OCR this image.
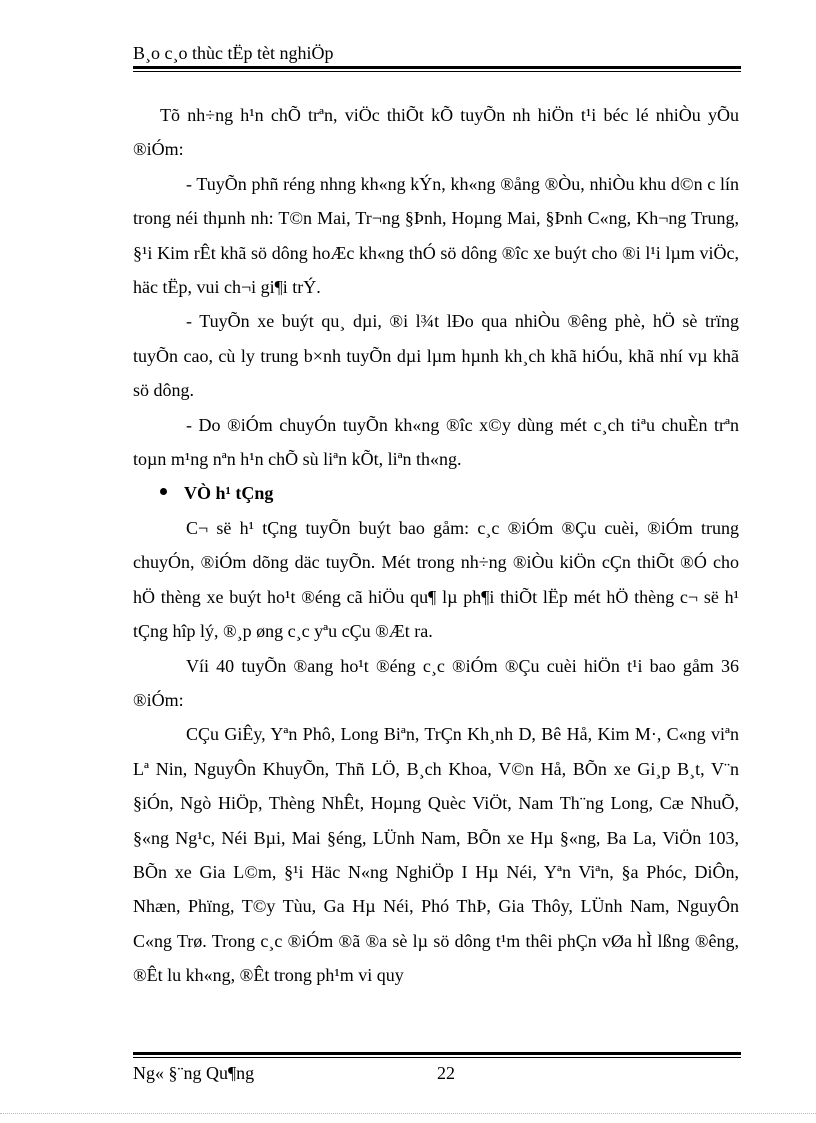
B¸o c¸o thùc tËp tèt nghiÖp

Tõ nh÷ng h¹n chÕ trªn, viÖc thiÕt kÕ tuyÕn nh hiÖn t¹i béc lé nhiÒu yÕu ®iÓm:

- TuyÕn phñ réng nhng kh«ng kÝn, kh«ng ®ång ®Òu, nhiÒu khu d©n c lín trong néi thµnh nh: T©n Mai, Tr¬ng §Þnh, Hoµng Mai, §Þnh C«ng, Kh¬ng Trung, §¹i Kim rÊt khã sö dông hoÆc kh«ng thÓ sö dông ®îc xe buýt cho ®i l¹i lµm viÖc, häc tËp, vui ch¬i gi¶i trÝ.

- TuyÕn xe buýt qu¸ dµi, ®i l¾t lÐo qua nhiÒu ®êng phè, hÖ sè trïng tuyÕn cao, cù ly trung b×nh tuyÕn dµi lµm hµnh kh¸ch khã hiÓu, khã nhí vµ khã sö dông.

- Do ®iÓm chuyÓn tuyÕn kh«ng ®îc x©y dùng mét c¸ch tiªu chuÈn trªn toµn m¹ng nªn h¹n chÕ sù liªn kÕt, liªn th«ng.

VÒ h¹ tÇng

C¬ së h¹ tÇng tuyÕn buýt bao gåm: c¸c ®iÓm ®Çu cuèi, ®iÓm trung chuyÓn, ®iÓm dõng däc tuyÕn. Mét trong nh÷ng ®iÒu kiÖn cÇn thiÕt ®Ó cho hÖ thèng xe buýt ho¹t ®éng cã hiÖu qu¶ lµ ph¶i thiÕt lËp mét hÖ thèng c¬ së h¹ tÇng hîp lý, ®¸p øng c¸c yªu cÇu ®Æt ra.

Víi 40 tuyÕn ®ang ho¹t ®éng c¸c ®iÓm ®Çu cuèi hiÖn t¹i bao gåm 36 ®iÓm:

CÇu GiÊy, Yªn Phô, Long Biªn, TrÇn Kh¸nh D, Bê Hå, Kim M·, C«ng viªn Lª Nin, NguyÔn KhuyÕn, Thñ LÖ, B¸ch Khoa, V©n Hå, BÕn xe Gi¸p B¸t, V¨n §iÓn, Ngò HiÖp, Thèng NhÊt, Hoµng Quèc ViÖt, Nam Th¨ng Long, Cæ NhuÕ, §«ng Ng¹c, Néi Bµi, Mai §éng, LÜnh Nam, BÕn xe Hµ §«ng, Ba La, ViÖn 103, BÕn xe Gia L©m, §¹i Häc N«ng NghiÖp I Hµ Néi, Yªn Viªn, §a Phóc, DiÔn, Nhæn, Phïng, T©y Tùu, Ga Hµ Néi, Phó ThÞ, Gia Thôy, LÜnh Nam, NguyÔn C«ng Trø. Trong c¸c ®iÓm ®ã ®a sè lµ sö dông t¹m thêi phÇn vØa hÌ lßng ®êng, ®Êt lu kh«ng, ®Êt trong ph¹m vi quy

Ng« §¨ng Qu¶ng	22
